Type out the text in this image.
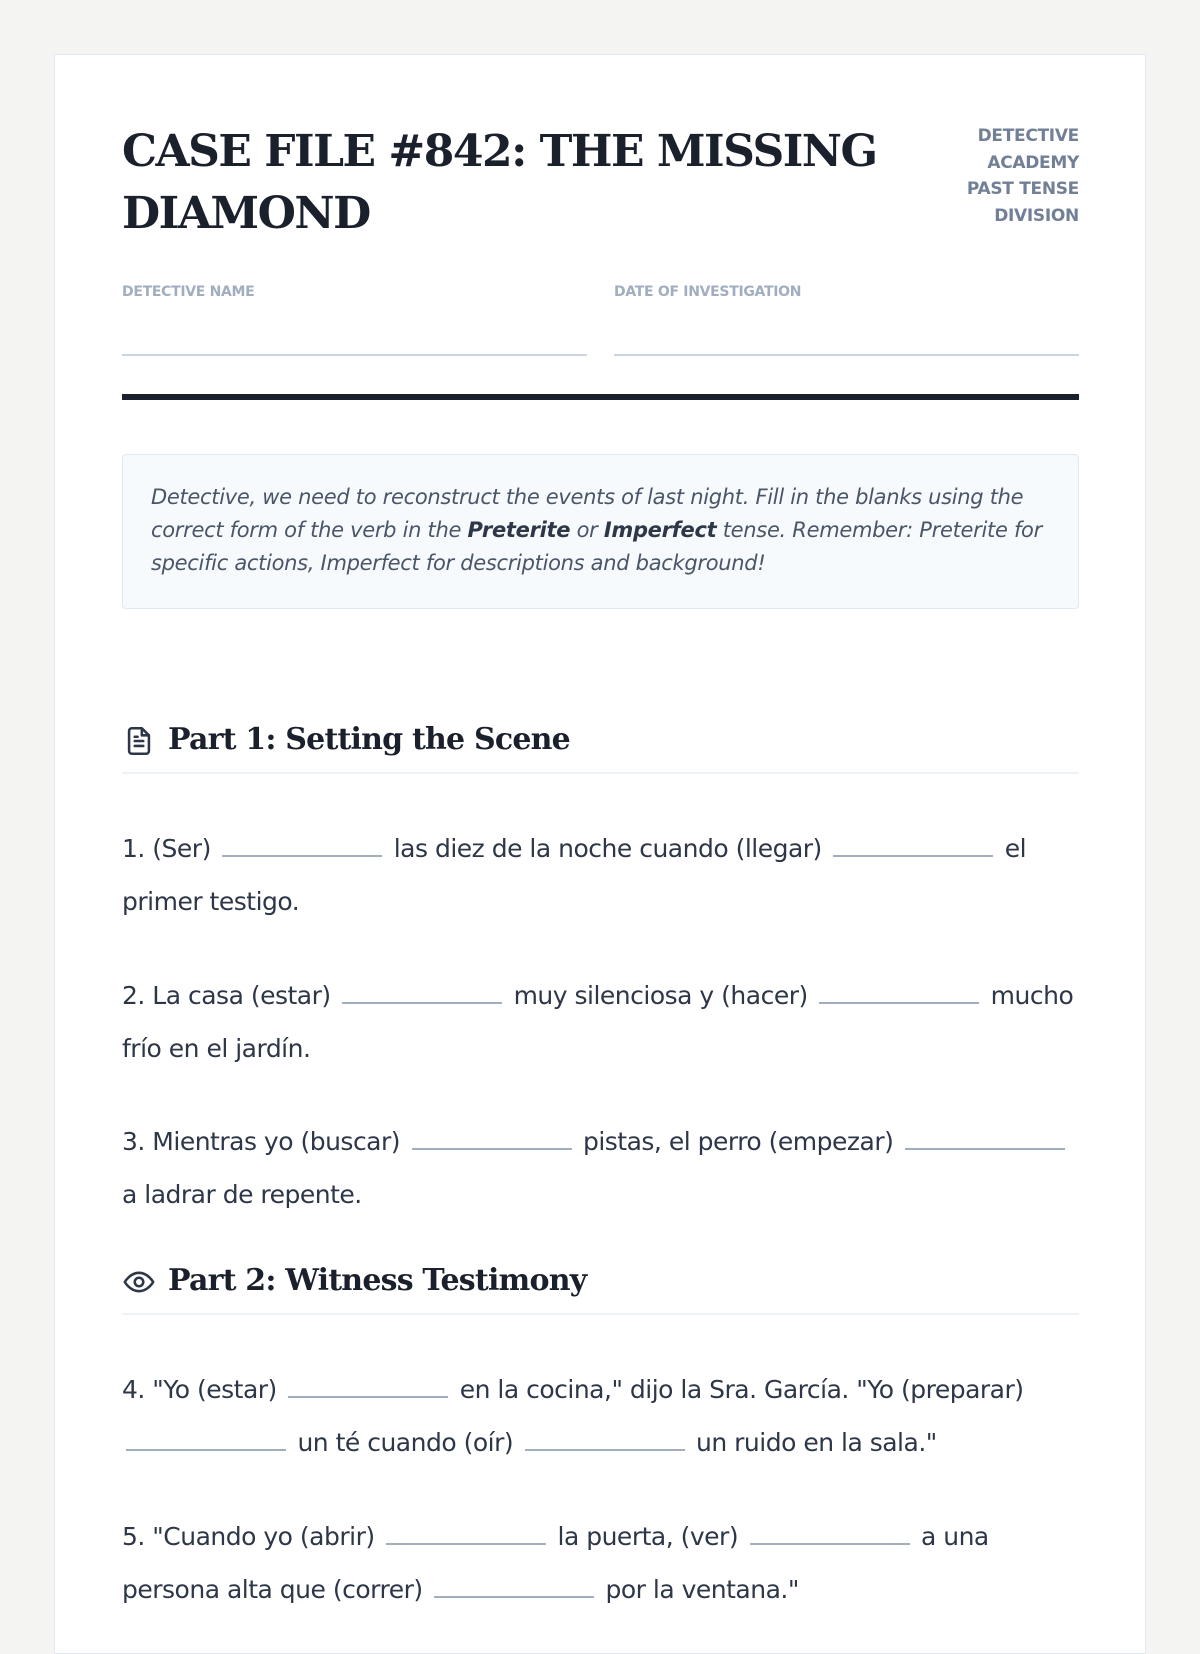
CASE FILE #842: THE MISSING DIAMOND
DETECTIVE ACADEMY
PAST TENSE DIVISION
DETECTIVE NAME	DATE OF INVESTIGATION
Detective, we need to reconstruct the events of last night. Fill in the blanks using the correct form of the verb in the Preterite or Imperfect tense. Remember: Preterite for specific actions, Imperfect for descriptions and background!
Part 1: Setting the Scene

1. (Ser)	las diez de la noche cuando (llegar)	el primer testigo.

2. La casa (estar)	muy silenciosa y (hacer)	mucho frío en el jardín.

3. Mientras yo (buscar)	pistas, el perro (empezar)  a ladrar de repente.

Part 2: Witness Testimony

4. "Yo (estar)	en la cocina," dijo la Sra. García. "Yo (preparar)  un té cuando (oír)	un ruido en la sala."

5. "Cuando yo (abrir)	la puerta, (ver)	a una persona alta que (correr)	por la ventana."
